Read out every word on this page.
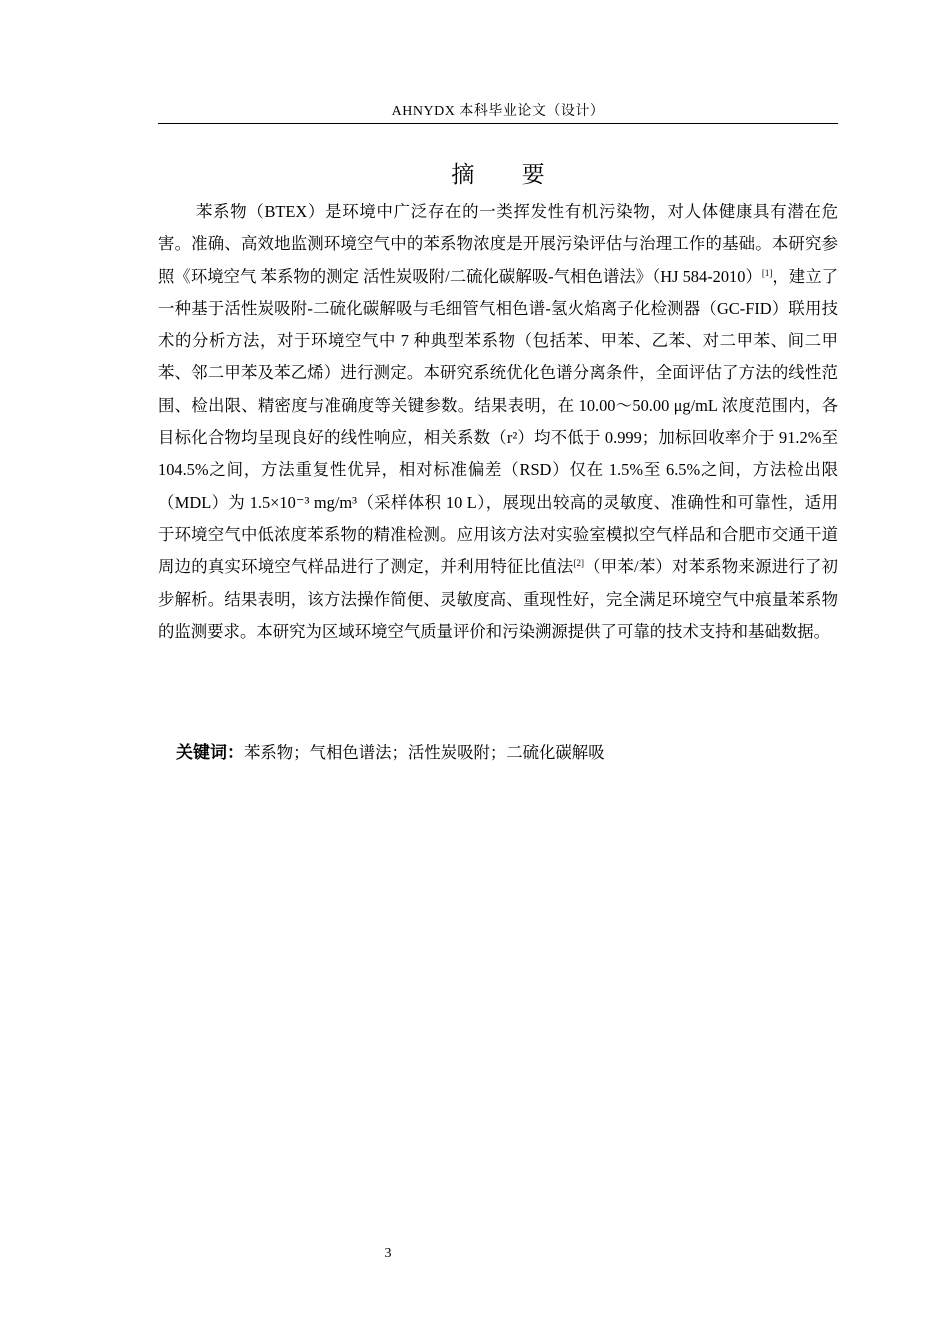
AHNYDX 本科毕业论文（设计）
摘 要

苯系物（BTEX）是环境中广泛存在的一类挥发性有机污染物，对人体健康具有潜在危害。准确、高效地监测环境空气中的苯系物浓度是开展污染评估与治理工作的基础。本研究参照《环境空气 苯系物的测定 活性炭吸附/二硫化碳解吸-气相色谱法》（HJ 584-2010）[1]，建立了一种基于活性炭吸附-二硫化碳解吸与毛细管气相色谱-氢火焰离子化检测器（GC-FID）联用技术的分析方法，对于环境空气中 7 种典型苯系物（包括苯、甲苯、乙苯、对二甲苯、间二甲苯、邻二甲苯及苯乙烯）进行测定。本研究系统优化色谱分离条件，全面评估了方法的线性范围、检出限、精密度与准确度等关键参数。结果表明，在 10.00～50.00 μg/mL 浓度范围内，各目标化合物均呈现良好的线性响应，相关系数（r²）均不低于 0.999；加标回收率介于 91.2%至 104.5%之间，方法重复性优异，相对标准偏差（RSD）仅在 1.5%至 6.5%之间，方法检出限（MDL）为 1.5×10⁻³ mg/m³（采样体积 10 L），展现出较高的灵敏度、准确性和可靠性，适用于环境空气中低浓度苯系物的精准检测。应用该方法对实验室模拟空气样品和合肥市交通干道周边的真实环境空气样品进行了测定，并利用特征比值法[2]（甲苯/苯）对苯系物来源进行了初步解析。结果表明，该方法操作简便、灵敏度高、重现性好，完全满足环境空气中痕量苯系物的监测要求。本研究为区域环境空气质量评价和污染溯源提供了可靠的技术支持和基础数据。

关键词：苯系物；气相色谱法；活性炭吸附；二硫化碳解吸
3
